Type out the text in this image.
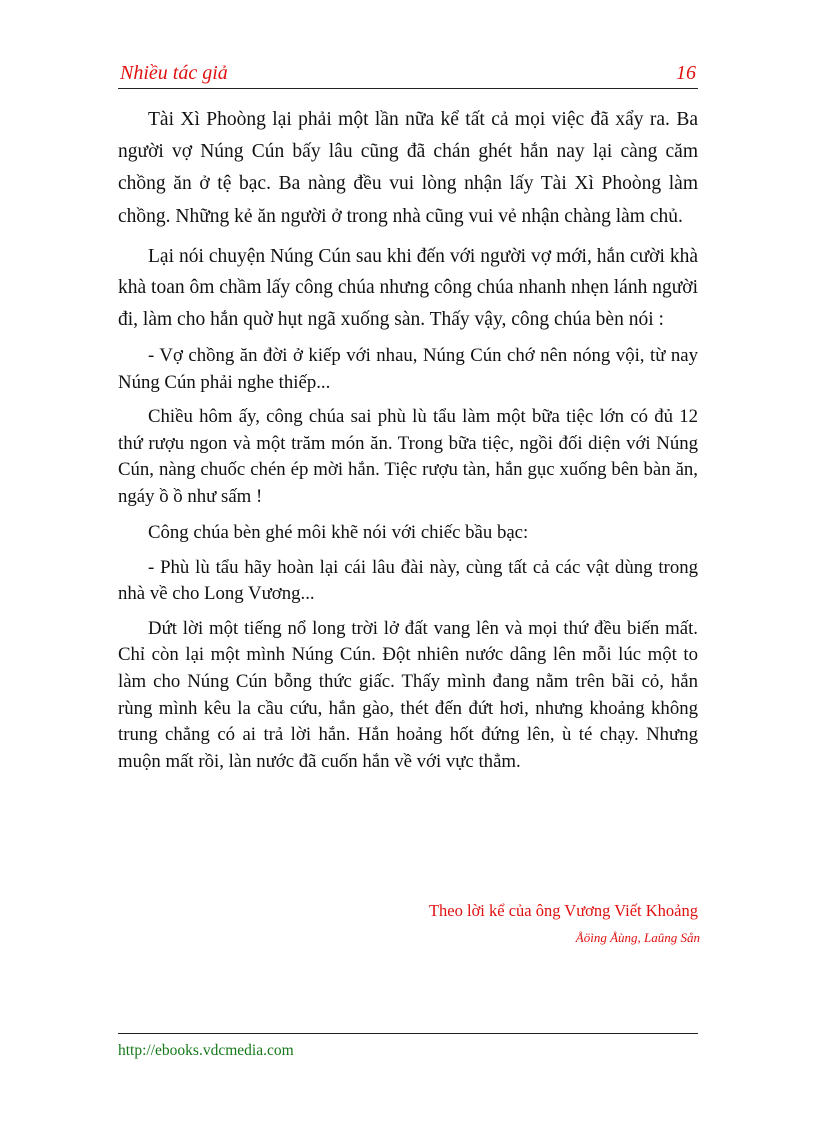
Nhiều tác giả	16

Tài Xì Phoòng lại phải một lần nữa kể tất cả mọi việc đã xẩy ra. Ba người vợ Núng Cún bấy lâu cũng đã chán ghét hắn nay lại càng căm chồng ăn ở tệ bạc. Ba nàng đều vui lòng nhận lấy Tài Xì Phoòng làm chồng. Những kẻ ăn người ở trong nhà cũng vui vẻ nhận chàng làm chủ.

Lại nói chuyện Núng Cún sau khi đến với người vợ mới, hắn cười khà khà toan ôm chầm lấy công chúa nhưng công chúa nhanh nhẹn lánh người đi, làm cho hắn quờ hụt ngã xuống sàn. Thấy vậy, công chúa bèn nói :

- Vợ chồng ăn đời ở kiếp với nhau, Núng Cún chớ nên nóng vội, từ nay Núng Cún phải nghe thiếp...

Chiều hôm ấy, công chúa sai phù lù tẩu làm một bữa tiệc lớn có đủ 12 thứ rượu ngon và một trăm món ăn. Trong bữa tiệc, ngồi đối diện với Núng Cún, nàng chuốc chén ép mời hắn. Tiệc rượu tàn, hắn gục xuống bên bàn ăn, ngáy ồ ồ như sấm !

Công chúa bèn ghé môi khẽ nói với chiếc bầu bạc:

- Phù lù tẩu hãy hoàn lại cái lâu đài này, cùng tất cả các vật dùng trong nhà về cho Long Vương...

Dứt lời một tiếng nổ long trời lở đất vang lên và mọi thứ đều biến mất. Chỉ còn lại một mình Núng Cún. Đột nhiên nước dâng lên mỗi lúc một to làm cho Núng Cún bỗng thức giấc. Thấy mình đang nằm trên bãi cỏ, hắn rùng mình kêu la cầu cứu, hắn gào, thét đến đứt hơi, nhưng khoảng không trung chẳng có ai trả lời hắn. Hắn hoảng hốt đứng lên, ù té chạy. Nhưng muộn mất rồi, làn nước đã cuốn hắn về với vực thẳm.

Theo lời kể của ông Vương Viết Khoảng
Åöìng Åùng, Laûng Sån
http://ebooks.vdcmedia.com
